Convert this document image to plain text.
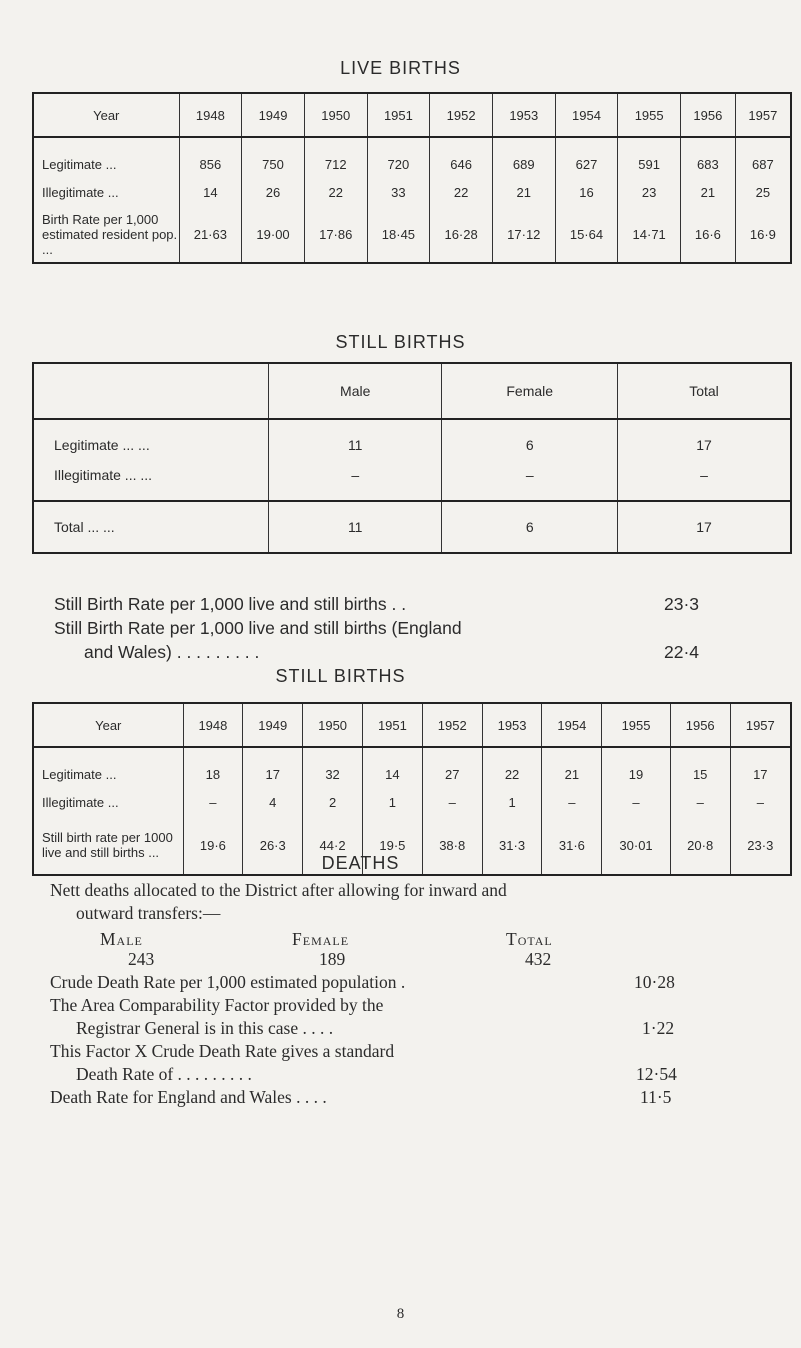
LIVE BIRTHS
Year	1948	1949	1950	1951	1952	1953	1954	1955	1956	1957

Legitimate ...	856	750	712	720	646	689	627	591	683	687
Illegitimate ...	14	26	22	33	22	21	16	23	21	25
Birth Rate per 1,000 estimated resident pop. ...	21·63	19·00	17·86	18·45	16·28	17·12	15·64	14·71	16·6	16·9
STILL BIRTHS
	Male	Female	Total

Legitimate ... ...	11	6	17
Illegitimate ... ...	–	–	–

Total ... ...	11	6	17
Still Birth Rate per 1,000 live and still births . .	23·3
Still Birth Rate per 1,000 live and still births (England
and Wales) . . . . . . . . .	22·4
STILL BIRTHS
Year	1948	1949	1950	1951	1952	1953	1954	1955	1956	1957

Legitimate ...	18	17	32	14	27	22	21	19	15	17
Illegitimate ...	–	4	2	1	–	1	–	–	–	–
Still birth rate per 1000 live and still births ...	19·6	26·3	44·2	19·5	38·8	31·3	31·6	30·01	20·8	23·3
DEATHS
Nett deaths allocated to the District after allowing for inward and
outward transfers:—
Male	Female	Total
243	189	432
Crude Death Rate per 1,000 estimated population .	10·28
The Area Comparability Factor provided by the
Registrar General is in this case . . . .	1·22
This Factor X Crude Death Rate gives a standard
Death Rate of . . . . . . . . .	12·54
Death Rate for England and Wales . . . .	11·5
8
